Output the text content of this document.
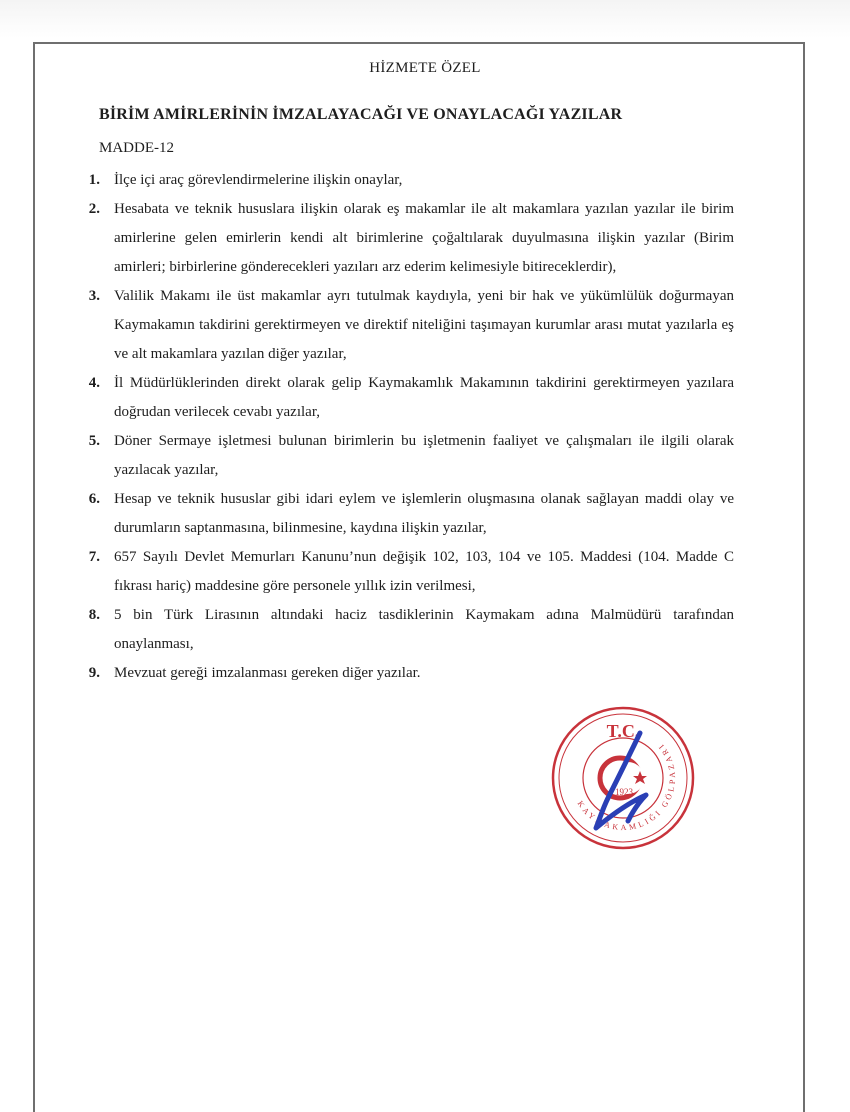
HİZMETE ÖZEL
BİRİM AMİRLERİNİN İMZALAYACAĞI VE ONAYLACAĞI YAZILAR
MADDE-12
1. İlçe içi araç görevlendirmelerine ilişkin onaylar,
2. Hesabata ve teknik hususlara ilişkin olarak eş makamlar ile alt makamlara yazılan yazılar ile birim amirlerine gelen emirlerin kendi alt birimlerine çoğaltılarak duyulmasına ilişkin yazılar (Birim amirleri; birbirlerine gönderecekleri yazıları arz ederim kelimesiyle bitireceklerdir),
3. Valilik Makamı ile üst makamlar ayrı tutulmak kaydıyla, yeni bir hak ve yükümlülük doğurmayan Kaymakamın takdirini gerektirmeyen ve direktif niteliğini taşımayan kurumlar arası mutat yazılarla eş ve alt makamlara yazılan diğer yazılar,
4. İl Müdürlüklerinden direkt olarak gelip Kaymakamlık Makamının takdirini gerektirmeyen yazılara doğrudan verilecek cevabı yazılar,
5. Döner Sermaye işletmesi bulunan birimlerin bu işletmenin faaliyet ve çalışmaları ile ilgili olarak yazılacak yazılar,
6. Hesap ve teknik hususlar gibi idari eylem ve işlemlerin oluşmasına olanak sağlayan maddi olay ve durumların saptanmasına, bilinmesine, kaydına ilişkin yazılar,
7. 657 Sayılı Devlet Memurları Kanunu’nun değişik 102, 103, 104 ve 105. Maddesi (104. Madde C fıkrası hariç) maddesine göre personele yıllık izin verilmesi,
8. 5 bin Türk Lirasının altındaki haciz tasdiklerinin Kaymakam adına Malmüdürü tarafından onaylanması,
9. Mevzuat gereği imzalanması gereken diğer yazılar.
T.C.
KAYMAKAMLIĞI GÖLPAZARI
1923
